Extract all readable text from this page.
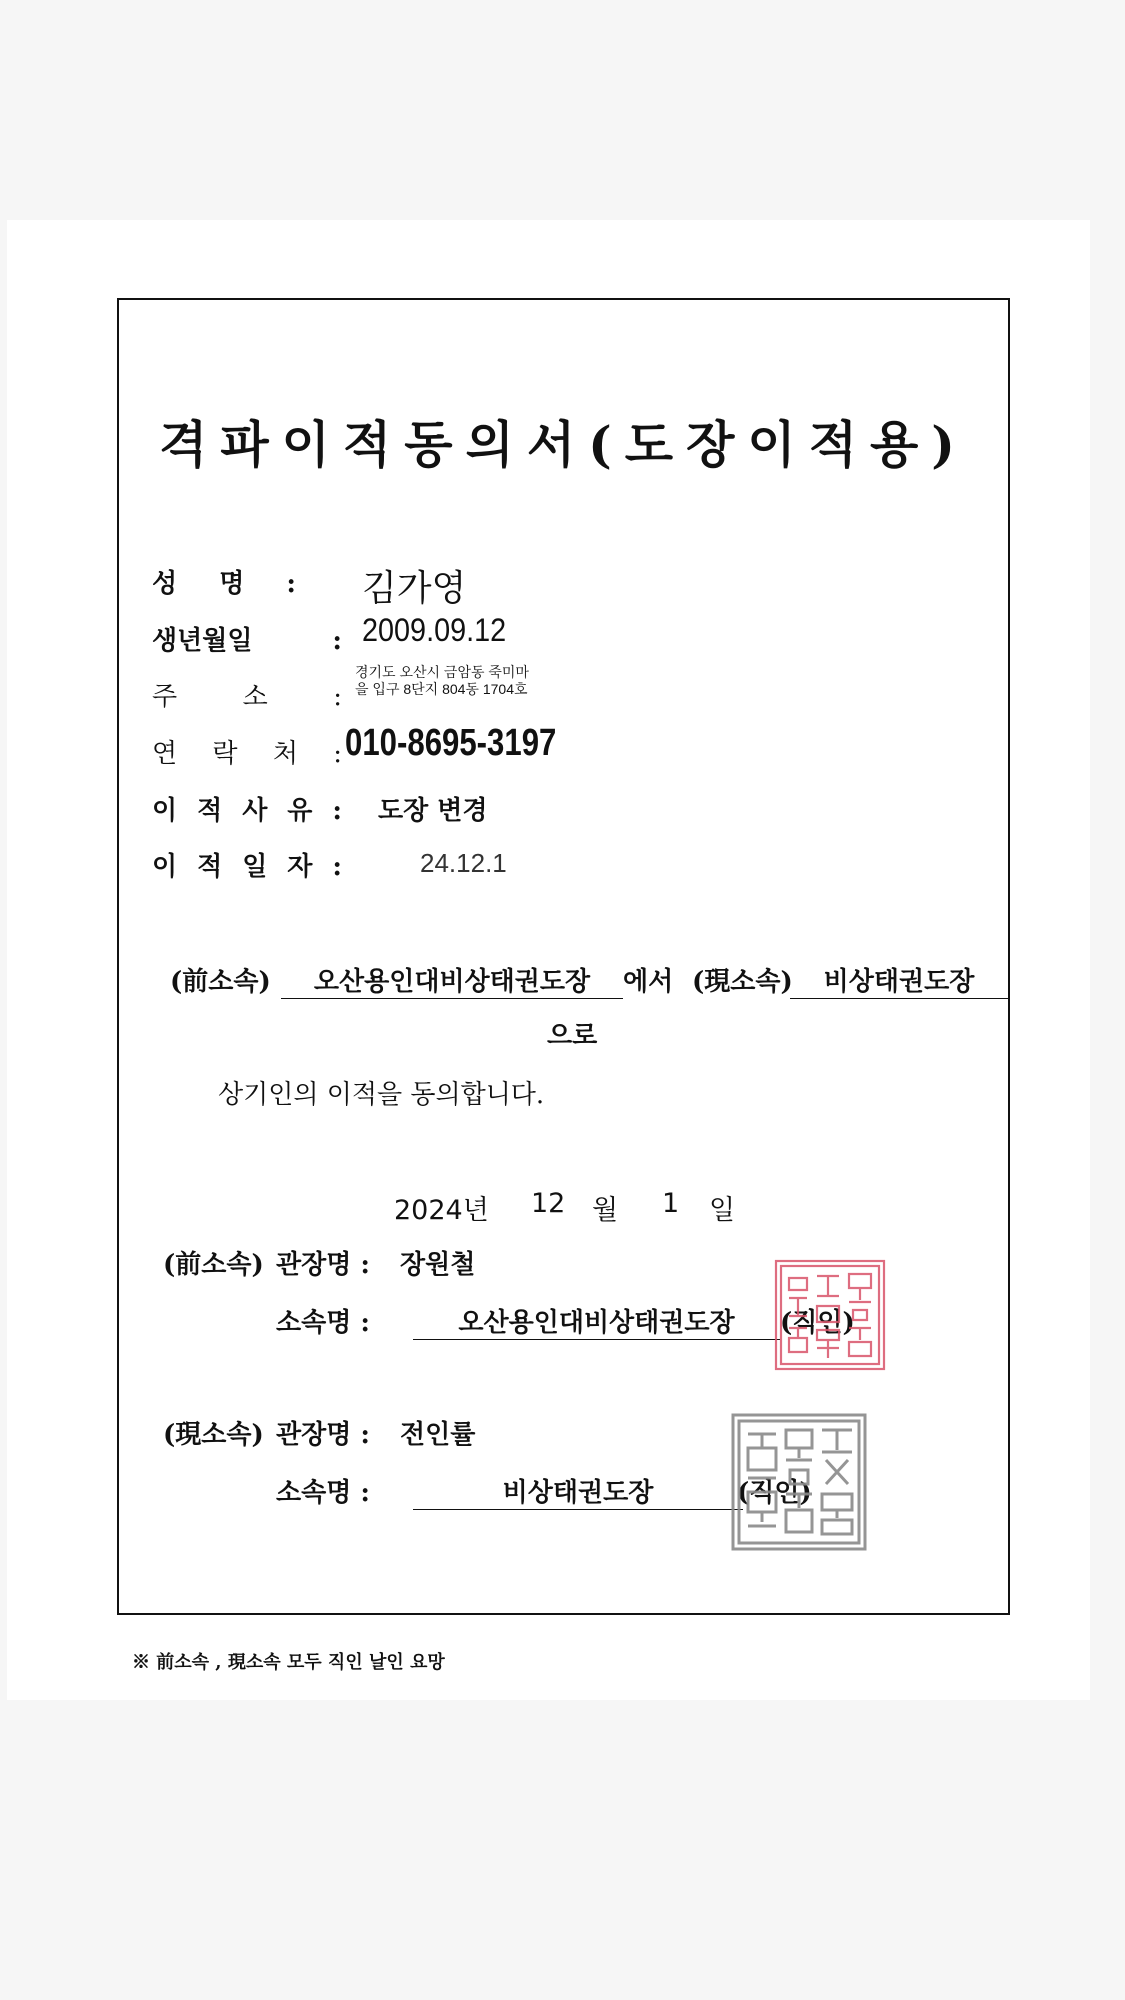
격파이적동의서(도장이적용)
성 명 : 김가영
생년월일 : 2009.09.12
주 소 :
경기도 오산시 금암동 죽미마을 입구 8단지 804동 1704호
연 락 처 : 010-8695-3197
이 적 사 유 : 도장 변경
이 적 일 자 :	24.12.1
(前소속)	오산용인대비상태권도장	에서 (現소속)	비상태권도장
으로
상기인의 이적을 동의합니다.
2024년 12 월 1 일
(前소속) 관장명 : 장원철
소속명 :	오산용인대비상태권도장	(직인)
(現소속) 관장명 : 전인률
소속명 :	비상태권도장	(직인)
※ 前소속 , 現소속 모두 직인 날인 요망
